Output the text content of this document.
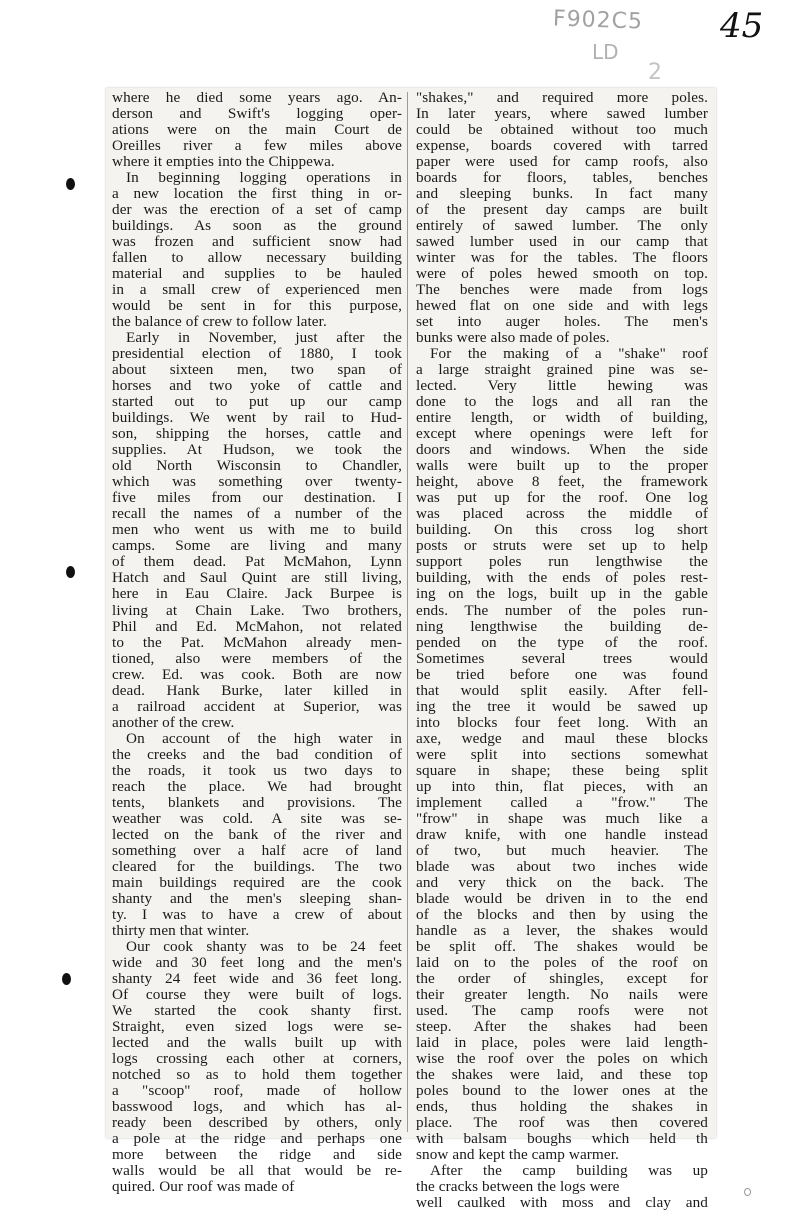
F902C5
LD
2
45
where he died some years ago. An-
derson and Swift's logging oper-
ations were on the main Court de
Oreilles river a few miles above
where it empties into the Chippewa.
In beginning logging operations in
a new location the first thing in or-
der was the erection of a set of camp
buildings. As soon as the ground
was frozen and sufficient snow had
fallen to allow necessary building
material and supplies to be hauled
in a small crew of experienced men
would be sent in for this purpose,
the balance of crew to follow later.
Early in November, just after the
presidential election of 1880, I took
about sixteen men, two span of
horses and two yoke of cattle and
started out to put up our camp
buildings. We went by rail to Hud-
son, shipping the horses, cattle and
supplies. At Hudson, we took the
old North Wisconsin to Chandler,
which was something over twenty-
five miles from our destination. I
recall the names of a number of the
men who went us with me to build
camps. Some are living and many
of them dead. Pat McMahon, Lynn
Hatch and Saul Quint are still living,
here in Eau Claire. Jack Burpee is
living at Chain Lake. Two brothers,
Phil and Ed. McMahon, not related
to the Pat. McMahon already men-
tioned, also were members of the
crew. Ed. was cook. Both are now
dead. Hank Burke, later killed in
a railroad accident at Superior, was
another of the crew.
On account of the high water in
the creeks and the bad condition of
the roads, it took us two days to
reach the place. We had brought
tents, blankets and provisions. The
weather was cold. A site was se-
lected on the bank of the river and
something over a half acre of land
cleared for the buildings. The two
main buildings required are the cook
shanty and the men's sleeping shan-
ty. I was to have a crew of about
thirty men that winter.
Our cook shanty was to be 24 feet
wide and 30 feet long and the men's
shanty 24 feet wide and 36 feet long.
Of course they were built of logs.
We started the cook shanty first.
Straight, even sized logs were se-
lected and the walls built up with
logs crossing each other at corners,
notched so as to hold them together
a "scoop" roof, made of hollow
basswood logs, and which has al-
ready been described by others, only
a pole at the ridge and perhaps one
more between the ridge and side
walls would be all that would be re-
quired. Our roof was made of
"shakes," and required more poles.
In later years, where sawed lumber
could be obtained without too much
expense, boards covered with tarred
paper were used for camp roofs, also
boards for floors, tables, benches
and sleeping bunks. In fact many
of the present day camps are built
entirely of sawed lumber. The only
sawed lumber used in our camp that
winter was for the tables. The floors
were of poles hewed smooth on top.
The benches were made from logs
hewed flat on one side and with legs
set into auger holes. The men's
bunks were also made of poles.
For the making of a "shake" roof
a large straight grained pine was se-
lected. Very little hewing was
done to the logs and all ran the
entire length, or width of building,
except where openings were left for
doors and windows. When the side
walls were built up to the proper
height, above 8 feet, the framework
was put up for the roof. One log
was placed across the middle of
building. On this cross log short
posts or struts were set up to help
support poles run lengthwise the
building, with the ends of poles rest-
ing on the logs, built up in the gable
ends. The number of the poles run-
ning lengthwise the building de-
pended on the type of the roof.
Sometimes several trees would
be tried before one was found
that would split easily. After fell-
ing the tree it would be sawed up
into blocks four feet long. With an
axe, wedge and maul these blocks
were split into sections somewhat
square in shape; these being split
up into thin, flat pieces, with an
implement called a "frow." The
"frow" in shape was much like a
draw knife, with one handle instead
of two, but much heavier. The
blade was about two inches wide
and very thick on the back. The
blade would be driven in to the end
of the blocks and then by using the
handle as a lever, the shakes would
be split off. The shakes would be
laid on to the poles of the roof on
the order of shingles, except for
their greater length. No nails were
used. The camp roofs were not
steep. After the shakes had been
laid in place, poles were laid length-
wise the roof over the poles on which
the shakes were laid, and these top
poles bound to the lower ones at the
ends, thus holding the shakes in
place. The roof was then covered
with balsam boughs which held th
snow and kept the camp warmer.
After the camp building was up
the cracks between the logs were
well caulked with moss and clay and
